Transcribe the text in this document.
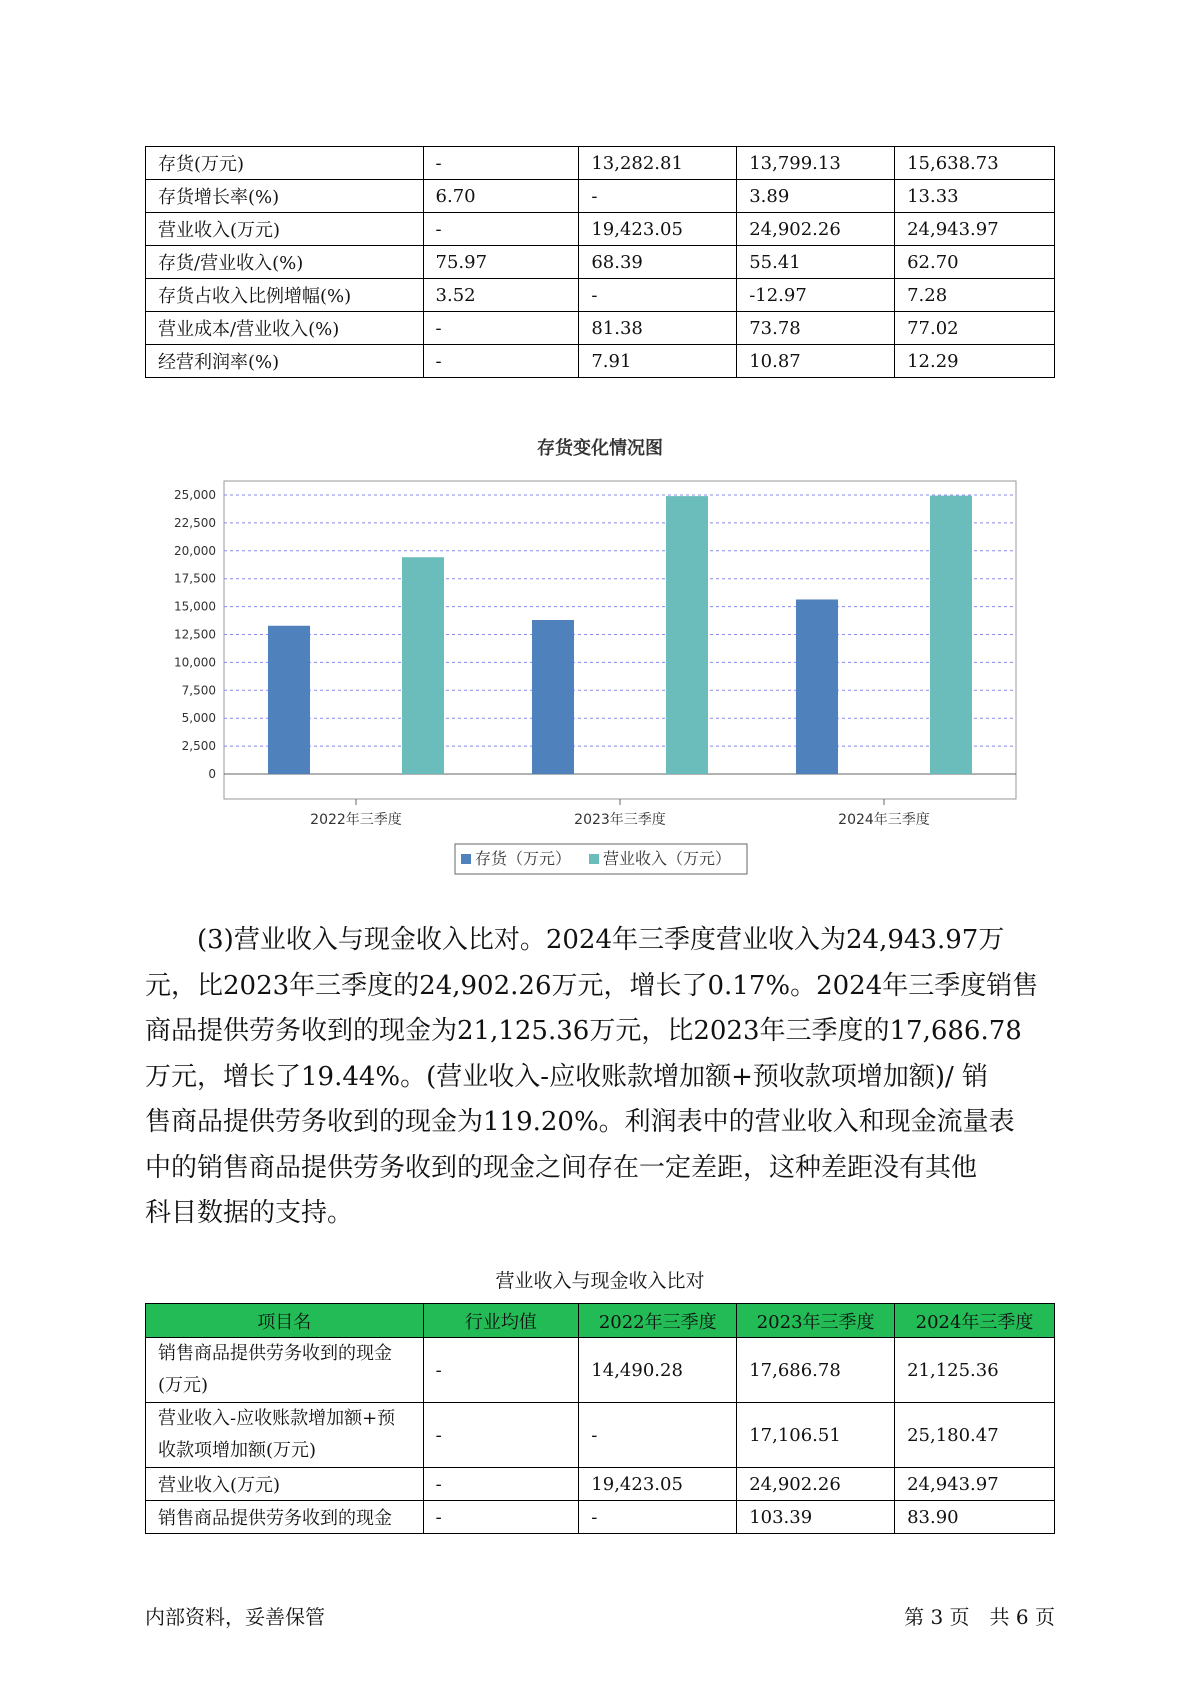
存货(万元)	-	13,282.81	13,799.13	15,638.73
存货增长率(%)	6.70	-	3.89	13.33
营业收入(万元)	-	19,423.05	24,902.26	24,943.97
存货/营业收入(%)	75.97	68.39	55.41	62.70
存货占收入比例增幅(%)	3.52	-	-12.97	7.28
营业成本/营业收入(%)	-	81.38	73.78	77.02
经营利润率(%)	-	7.91	10.87	12.29
存货变化情况图
0
2,500
5,000
7,500
10,000
12,500
15,000
17,500
20,000
22,500
25,000
2022年三季度	2023年三季度	2024年三季度
存货（万元） 营业收入（万元）
(3)营业收入与现金收入比对。2024年三季度营业收入为24,943.97万
元，比2023年三季度的24,902.26万元，增长了0.17%。2024年三季度销售
商品提供劳务收到的现金为21,125.36万元，比2023年三季度的17,686.78
万元，增长了19.44%。(营业收入-应收账款增加额+预收款项增加额)/ 销
售商品提供劳务收到的现金为119.20%。利润表中的营业收入和现金流量表
中的销售商品提供劳务收到的现金之间存在一定差距，这种差距没有其他
科目数据的支持。
营业收入与现金收入比对
项目名	行业均值	2022年三季度	2023年三季度	2024年三季度
销售商品提供劳务收到的现金
(万元)	-	14,490.28	17,686.78	21,125.36
营业收入-应收账款增加额+预
收款项增加额(万元)	-	-	17,106.51	25,180.47
营业收入(万元)	-	19,423.05	24,902.26	24,943.97
销售商品提供劳务收到的现金	-	-	103.39	83.90
内部资料，妥善保管	第 3 页　共 6 页
